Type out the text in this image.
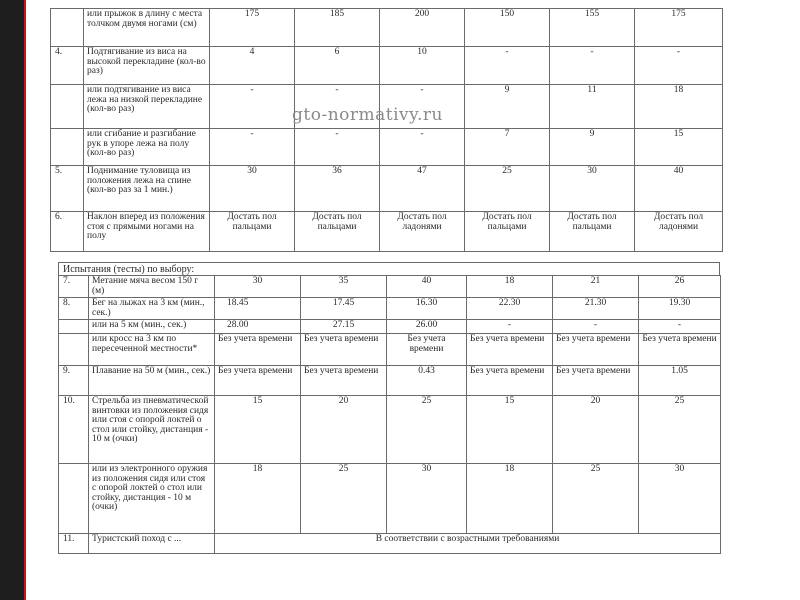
	или прыжок в длину с места толчком двумя ногами (см)	175	185	200	150	155	175
4.	Подтягивание из виса на высокой перекладине (кол-во раз)	4	6	10	-	-	-
	или подтягивание из виса лежа на низкой перекладине (кол-во раз)	-	-	-	9	11	18
	или сгибание и разгибание рук в упоре лежа на полу (кол-во раз)	-	-	-	7	9	15
5.	Поднимание туловища из положения лежа на спине (кол-во раз за 1 мин.)	30	36	47	25	30	40
6.	Наклон вперед из положения стоя с прямыми ногами на полу	Достать пол пальцами	Достать пол пальцами	Достать пол ладонями	Достать пол пальцами	Достать пол пальцами	Достать пол ладонями
gto-normativy.ru
Испытания (тесты) по выбору:
7.	Метание мяча весом 150 г (м)	30	35	40	18	21	26
8.	Бег на лыжах на 3 км (мин., сек.)	18.45	17.45	16.30	22.30	21.30	19.30
	или на 5 км (мин., сек.)	28.00	27.15	26.00	-	-	-
	или кросс на 3 км по пересеченной местности*	Без учета времени	Без учета времени	Без учета времени	Без учета времени	Без учета времени	Без учета времени
9.	Плавание на 50 м (мин., сек.)	Без учета времени	Без учета времени	0.43	Без учета времени	Без учета времени	1.05
10.	Стрельба из пневматической винтовки из положения сидя или стоя с опорой локтей о стол или стойку, дистанция - 10 м (очки)	15	20	25	15	20	25
	или из электронного оружия из положения сидя или стоя с опорой локтей о стол или стойку, дистанция - 10 м (очки)	18	25	30	18	25	30
11.	Туристский поход с ...	В соответствии с возрастными требованиями					
